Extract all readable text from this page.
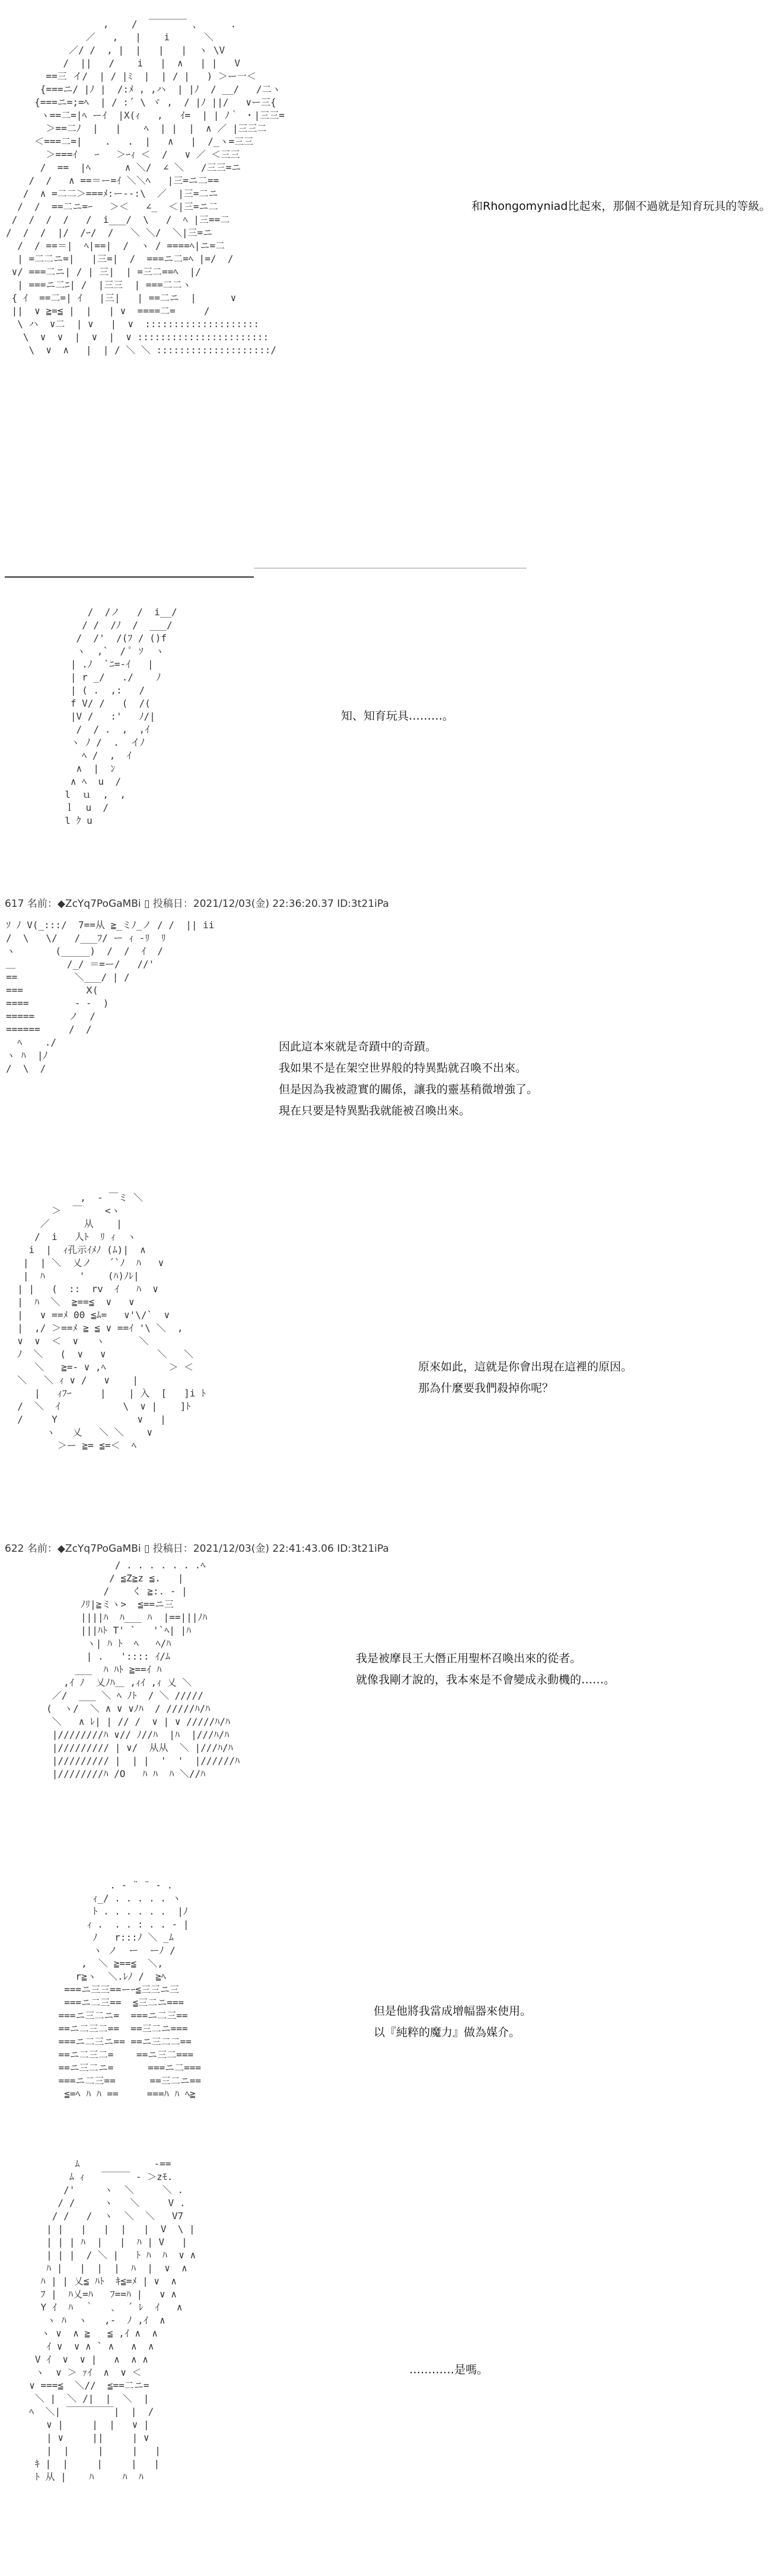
,    /  ￣￣￣￣ 、     .
／   ,   |    i      ＼
／/ /  , |  |   |   |  ヽ \V
/  ||   /    i   |  ∧   | |   V
==三 イ/  | / |ﾐ  |  | / |   ) ＞ー一＜
{===ニ/ |ﾉ |  /:ﾒ , ,ハ  | |ﾉ  / __/   /二ヽ
{===ニ=;=ﾍ  | / :´ \ ヾ ,  / |ﾉ ||/   ∨ー三{
ヽ==二=|ﾍ ーｲ  |X(ｨ   ,   ｲ=  | | ﾉ｀ ・|三三=
＞==二ﾉ  |   |    ﾍ  | |  |  ∧ ／ |三三二
＜===二=|    .   .  |   ∧   |  /_ヽ=三三
＞===ｲ   ｰ   ＞ｰｨ ＜  /   ∨ ／ ＜三三
/  ==  |ﾍ      ∧ ＼/  ∠ ＼   /三三=ニ
/  /   ∧ ==＝ー=ｲ ＼＼ﾍ   |三=ニ二==
/  ∧ =二二＞===ﾒ:ー--:\  ／  |三=二ニ
/  /  ==二ニ=ｰ   ＞＜   ∠_  ＜|三=ニ二
/  /  /  /   /  i___/  \   /  ﾍ |三==二
/  /  /  |/  /ｰ/  /   ＼ ＼/  ＼|三=ニ
/  / ==＝|  ﾍ|==|  /  ヽ / ====ﾍ|ニ=二
| =二二ニ=|   |三=|  /  ===ニ二=ﾍ |=/  /
∨/ ===二ニ| / | 三|  | =三二==ﾍ  |/
| ===ニ二ﾆ| /  |三三  | ===二二ヽ
{ ｲ  ==二=| ｲ   |三|   | ==二ニ  |      ∨
||  ∨ ≧=≦ |  |   | ∨  ====二=     /
\ ハ  ∨二  | ∨   |  ∨  ::::::::::::::::::::
\  ∨  ∨  |  ∨  |  ∨ :::::::::::::::::::::::
\  ∨  ∧   |  | / ＼ ＼ ::::::::::::::::::::/

和Rhongomyniad比起來，那個不過就是知育玩具的等級。
/  /ノ   /  i__/
/ /  /ﾉ  /  ___/
/  /'  /(ﾌ / ()f
ヽ  ,`  / ﾟ ｿ  ヽ
| .ﾉ  `ﾆ=-ｲ   |
| r _/   ./    ﾉ
| ( .  ,:   /
f V/ /   (  /(
|V /   :'   ﾉ/|
/  / .  ,  ,ｲ
ヽ ﾉ /  .  イﾉ
ﾍ /  ,  ｲ
∧  |  ﾝ
∧ ﾍ  u  /
l  ｕ  ,  ,
ｌ  u  /
l ｸ u

知、知育玩具………。
617 名前：◆ZcYq7PoGaMBi ▯ 投稿日：2021/12/03(金) 22:36:20.37 ID:3t21iPa
ｿ ﾉ V(_:::/  7==从 ≧_ミﾉ_ノ / /  || ii
/  \   \/   /___ﾌ/ ー ｨ ‐ﾘ  ﾘ
ヽ       (_____)  /  /  ｲ  /
＿         /_/ ＝=ー/   //'
==          ＼___/ | /
===           Ⅹ(
====        ‐ -  )
=====      ノ  /
======     /  /
ﾍ    ./
ヽ ﾊ  |ﾉ
/  \  /

因此這本來就是奇蹟中的奇蹟。
我如果不是在架空世界般的特異點就召喚不出來。
但是因為我被證實的關係，讓我的靈基稍微增強了。
現在只要是特異點我就能被召喚出來。
,  ‐ ￣ミ ＼
＞  ￣    <ヽ
／      从    |
/  i   人ﾄ  ﾘ ｨ  ヽ
i  |  ｨ孔示ｲﾒﾉ (ﾑ)|  ∧
|  | ＼  乂ノ   ´`ﾉ  ﾊ   ∨
|  ﾊ      '    (ﾊ)ﾉﾚ|
| |   (  ::  rv  ｲ   ﾊ  ∨
|  ﾊ  ＼  ≧==≦  ∨   ∨
|   ∨ ==ﾒ 00 ≦ﾑ=   ∨'\/`  ∨
|  ,/ ＞==ﾒ ≧ ≦ ∨ ==ｲ '\ ＼  ,
∨  ∨  ＜  ∨   ヽ      ＼
ﾉ  ＼   (  ∨   ∨         ＼   ＼
＼   ≧=- ∨ ,ﾍ           ＞ ＜
＼   ＼ ｨ ∨ /   ∨    |
|   ｨﾌｰ     |    | 入  [   ]i ﾄ
/  ＼  ｲ           \  ∨ |    ]ﾄ
/     Y              ∨   |
ヽ   乂   ＼ ＼    ∨
＞ー ≧= ≦=＜  ﾍ

原來如此，這就是你會出現在這裡的原因。
那為什麼要我們殺掉你呢？
622 名前：◆ZcYq7PoGaMBi ▯ 投稿日：2021/12/03(金) 22:41:43.06 ID:3t21iPa
/ . . . . . . .ﾍ
/ ≦Z≧z ≦.   |
/    く ≧:. ‐ |
ﾉﾘ|≧ミヽ>  ≦==ニ三
||||ﾊ  ﾊ___ ﾊ  |==|||ﾉﾊ
|||ﾊﾄ T' `   '`ﾍ| |ﾊ
ヽ| ﾊ ﾄ  ﾍ   ﾍ/ﾊ
| .   ':::: ｲ/ﾑ
___  ﾊ ﾊﾄ ≧==ｲ ﾊ
,ｲ ﾉ  乂ﾉﾊ＿ ,ｨｲ ,ｨ 乂 ＼
／/  ___ ＼ ﾍ ﾉﾄ  / ＼ /////
(  ヽ/  ＼ ∧ ∨ ∨ﾉﾊ  / /////ﾊ/ﾊ
＼   ∧ ﾚ| | // /  ∨ | ∨ /////ﾊ/ﾊ
|////////ﾊ ∨// ﾉ//ﾊ  |ﾊ  |///ﾊ/ﾊ
|///////// | ∨/  从从  ＼ |///ﾊ/ﾊ
|///////// |  | |  '  '  |//////ﾊ
|////////ﾊ /O   ﾊ ﾊ  ﾊ ＼//ﾊ

我是被摩艮王大僭正用聖杯召喚出來的從者。
就像我剛才說的，我本來是不會變成永動機的……。
. ‐ ¨ ¨ ‐ .
ｨ_/ . . . . . ヽ
ﾄ . . . . . .  |ﾉ
ｨ .  . . : . . ‐ |
ﾉ   r:::ﾉ ＼ _ﾑ
ヽ ノ  ー  ーﾉ /
,  ＼ ≧==≦  ＼,
r≧ヽ  ＼.ﾚﾉ /  ≧ﾍ
===ニ三三==ーｰ≦三三ニ三
===ニ二三==  ≦三二ニ===
===ニ三二ニ=  ===ニ二三==
==ニ二三二==  ==三二ニ===
===ニ二三ニ== ==ニ三二二==
==ニ二三二=    ==ニ三二===
==ニ三二ニ=      ===ニ二===
===ニ二三==      ==三二ニ==
≦=ﾍ ﾊ ﾊ ==     ===ﾊ ﾊ ﾍ≧

但是他將我當成增幅器來使用。
以『純粹的魔力』做為媒介。
ﾑ             ‐==
ﾑ ｨ   ￣￣￣ ‐ ＞zﾓ.
/'     ヽ  ＼     ＼ .
/ /     ヽ   ＼     V .
/ /   /  ヽ  ＼  ＼   V7
| |   |   |  |   |  V  \ |
| | | ﾊ  |   |  ﾊ | V   |
| | |  / ＼ |   ﾄ ﾊ  ﾊ  ∨ ∧
ﾊ |   |  |  |  ﾊ  |  ∨  ∧
ﾊ | | 乂≦ ﾊﾄ  ｷ≦=ﾒ | ∨  ∧
ﾌ |  ﾊ乂=ﾊ   ﾌ==ﾊ |   ∨ ∧
Y ｲ  ﾊ  ｀   ､  ´ ﾚ  ｲ   ∧
ヽ ﾊ  ヽ   ,-  ﾉ ,ｲ  ∧
ヽ ∨  ∧ ≧   ≦ ,ｲ ∧  ∧
ｲ ∨  ∨ ∧ ` ∧   ∧  ∧
V ｲ  ∨  ∨ |   ∧  ∧ ∧
ヽ  ∨ ＞ ｧｲ  ∧  ∨ ＜
∨ ===≦  ＼//  ≦==二ニ=
＼ |  ＼ /|  |  ＼  |
ﾍ  ＼| ￣￣￣￣￣|  |  /
∨ |     |  |   ∨ |
| ∨     ||     | ∨
|  |     |     |   |
ｷ |  |     |     |   |
ﾄ 从 |    ﾊ     ﾊ  ﾊ

…………是嗎。
